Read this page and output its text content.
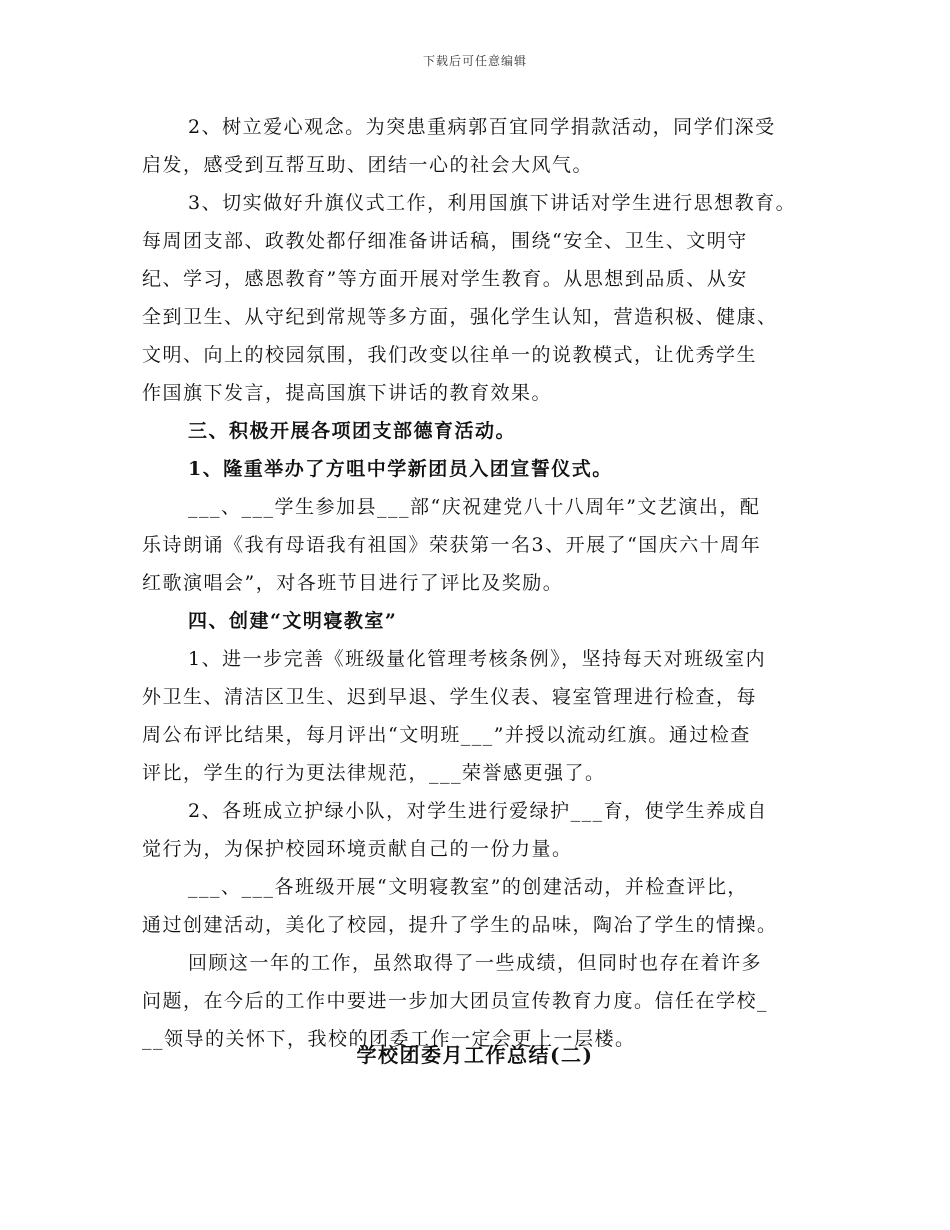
下载后可任意编辑
2、树立爱心观念。为突患重病郭百宜同学捐款活动，同学们深受
启发，感受到互帮互助、团结一心的社会大风气。
3、切实做好升旗仪式工作，利用国旗下讲话对学生进行思想教育。
每周团支部、政教处都仔细准备讲话稿，围绕“安全、卫生、文明守
纪、学习，感恩教育”等方面开展对学生教育。从思想到品质、从安
全到卫生、从守纪到常规等多方面，强化学生认知，营造积极、健康、
文明、向上的校园氛围，我们改变以往单一的说教模式，让优秀学生
作国旗下发言，提高国旗下讲话的教育效果。
三、积极开展各项团支部德育活动。
1、隆重举办了方咀中学新团员入团宣誓仪式。
___、___学生参加县___部“庆祝建党八十八周年”文艺演出，配
乐诗朗诵《我有母语我有祖国》荣获第一名3、开展了“国庆六十周年
红歌演唱会”，对各班节目进行了评比及奖励。
四、创建“文明寝教室”
1、进一步完善《班级量化管理考核条例》，坚持每天对班级室内
外卫生、清洁区卫生、迟到早退、学生仪表、寝室管理进行检查，每
周公布评比结果，每月评出“文明班___”并授以流动红旗。通过检查
评比，学生的行为更法律规范，___荣誉感更强了。
2、各班成立护绿小队，对学生进行爱绿护___育，使学生养成自
觉行为，为保护校园环境贡献自己的一份力量。
___、___各班级开展“文明寝教室”的创建活动，并检查评比，
通过创建活动，美化了校园，提升了学生的品味，陶冶了学生的情操。
回顾这一年的工作，虽然取得了一些成绩，但同时也存在着许多
问题，在今后的工作中要进一步加大团员宣传教育力度。信任在学校_
__领导的关怀下，我校的团委工作一定会更上一层楼。
学校团委月工作总结(二)
